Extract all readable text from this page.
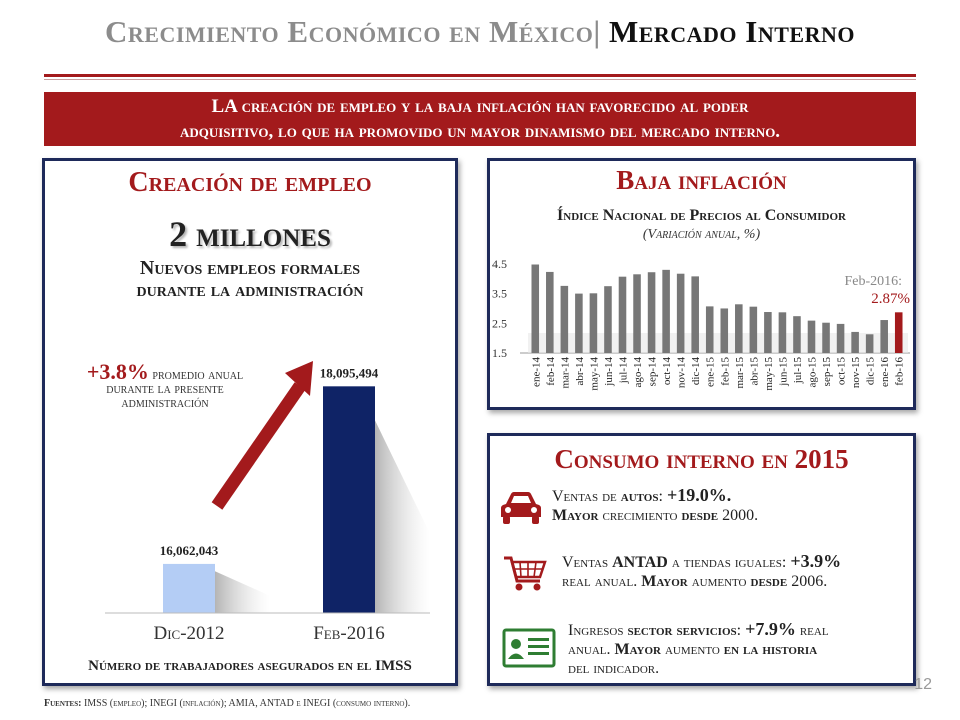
Crecimiento Económico en México| Mercado Interno
LA creación de empleo y la baja inflación han favorecido al poder
adquisitivo, lo que ha promovido un mayor dinamismo del mercado interno.
Creación de empleo
2 millones
Nuevos empleos formales
durante la administración
16,062,043
Dic-2012
18,095,494
Feb-2016
+3.8% promedio anual
durante la presente
administración
Número de trabajadores asegurados en el IMSS
Baja inflación
Índice Nacional de Precios al Consumidor
(Variación anual, %)
1.5
2.5
3.5
4.5
ene-14 feb-14 mar-14 abr-14 may-14 jun-14 jul-14 ago-14 sep-14 oct-14 nov-14 dic-14 ene-15 feb-15 mar-15 abr-15 may-15 jun-15 jul-15 ago-15 sep-15 oct-15 nov-15 dic-15 ene-16 feb-16
Feb-2016:
2.87%
Consumo interno en 2015
Ventas de autos: +19.0%.
Mayor crecimiento desde 2000.
Ventas ANTAD a tiendas iguales: +3.9%
real anual. Mayor aumento desde 2006.
Ingresos sector servicios: +7.9% real
anual. Mayor aumento en la historia
del indicador.
Fuentes: IMSS (empleo); INEGI (inflación); AMIA, ANTAD e INEGI (consumo interno).
12
